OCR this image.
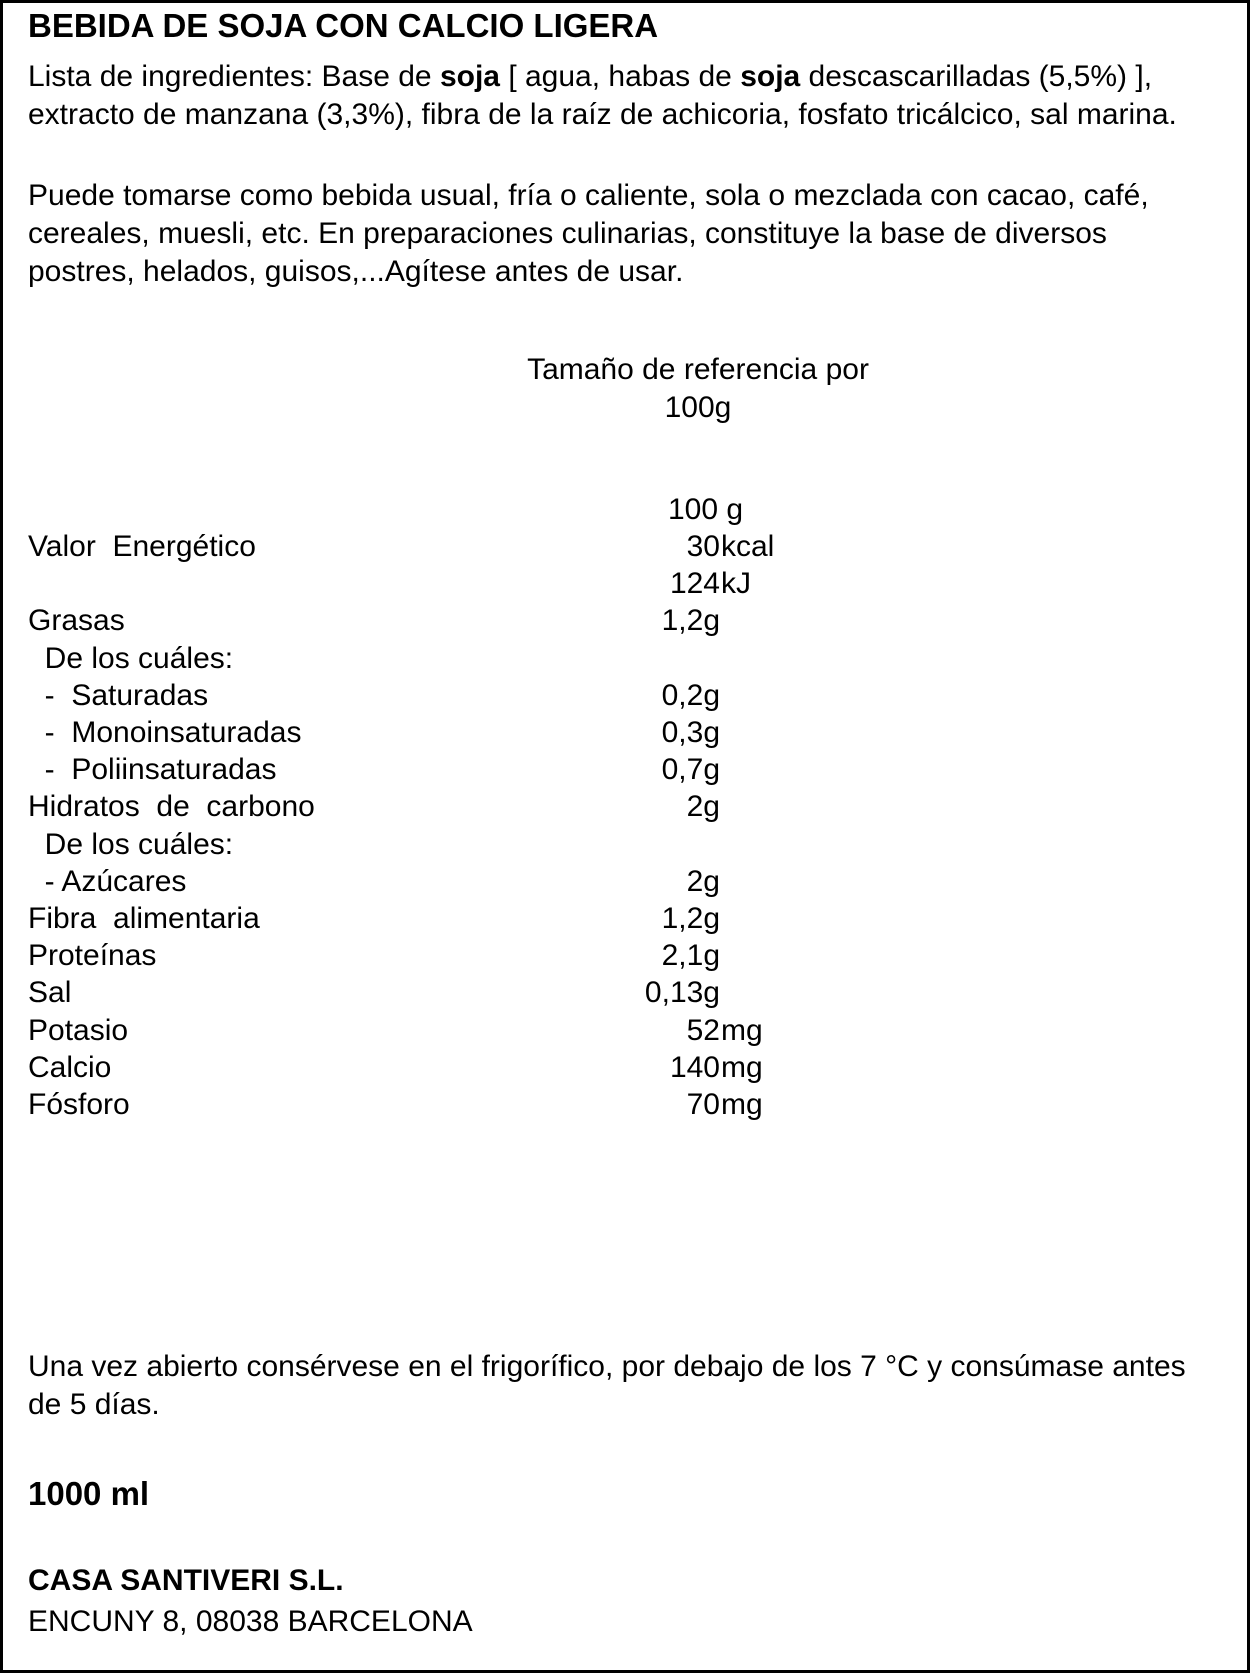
BEBIDA DE SOJA CON CALCIO LIGERA
Lista de ingredientes: Base de soja [ agua, habas de soja descascarilladas (5,5%) ], extracto de manzana (3,3%), fibra de la raíz de achicoria, fosfato tricálcico, sal marina.
Puede tomarse como bebida usual, fría o caliente, sola o mezclada con cacao, café, cereales, muesli, etc. En preparaciones culinarias, constituye la base de diversos postres, helados, guisos,...Agítese antes de usar.
Tamaño de referencia por
100g
100 g
Valor  Energético	30 kcal
124 kJ
Grasas	1,2g
De los cuáles:
-  Saturadas	0,2g
-  Monoinsaturadas	0,3g
-  Poliinsaturadas	0,7g
Hidratos  de  carbono	2g
De los cuáles:
- Azúcares	2g
Fibra  alimentaria	1,2g
Proteínas	2,1g
Sal	0,13g
Potasio	52 mg
Calcio	140 mg
Fósforo	70 mg
Una vez abierto consérvese en el frigorífico, por debajo de los 7 °C y consúmase antes de 5 días.
1000 ml
CASA SANTIVERI S.L.
ENCUNY 8, 08038 BARCELONA
